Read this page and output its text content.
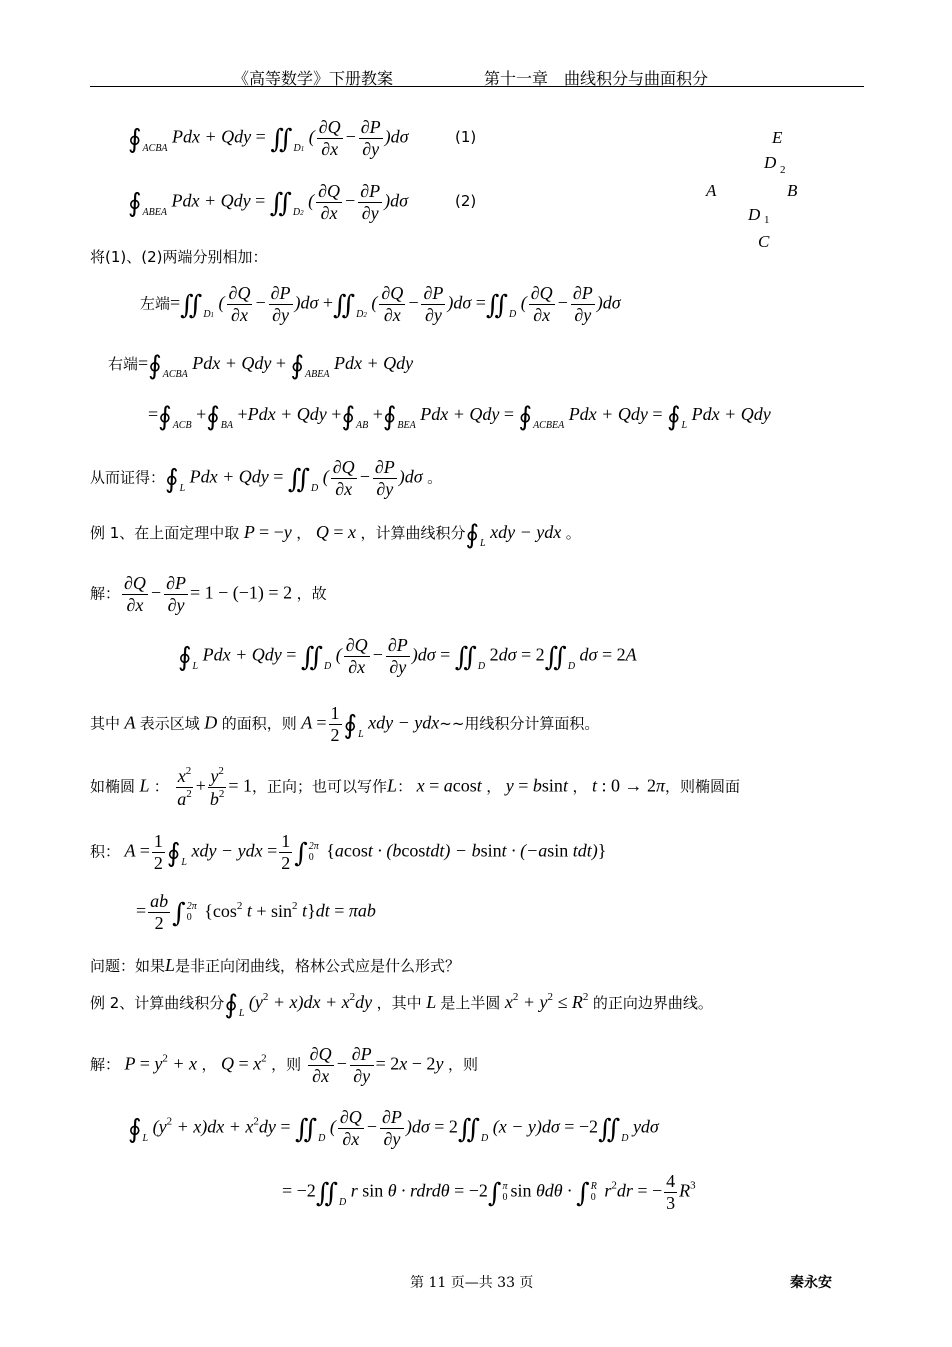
《高等数学》下册教案	第十一章　曲线积分与曲面积分
E
D 2
A	B
D 1
C
$∮_{ACBA}$ Pdx + Qdy = $∬_{D1}$ ( $\frac{\partial Q}{\partial x} - \frac{\partial P}{\partial y} )d\sigma$	(1)
$∮_{ABEA}$ Pdx + Qdy = $∬_{D2}$ ( $\frac{\partial Q}{\partial x} - \frac{\partial P}{\partial y} )d\sigma$	(2)
将(1)、(2)两端分别相加：
左端$=∬_{D1}$ ( $\frac{\partial Q}{\partial x} - \frac{\partial P}{\partial y} )d\sigma$ $+∬_{D2}$ ( $\frac{\partial Q}{\partial x} - \frac{\partial P}{\partial y} )d\sigma$ $=∬_D$ ( $\frac{\partial Q}{\partial x} - \frac{\partial P}{\partial y} )d\sigma$
右端$=∮_{ACBA}$ Pdx + Qdy + $∮_{ABEA}$ Pdx + Qdy
$=∮_{ACB}$ $+∮_{BA} +Pdx$ + Qdy $+∮_{AB}$ $+∮_{BEA}$ Pdx + Qdy = $∮_{ACBEA}$ Pdx + Qdy = $∮_L$ Pdx + Qdy
从而证得：$∮_L$ Pdx + Qdy = $∬_D$ ( $\frac{\partial Q}{\partial x} - \frac{\partial P}{\partial y} )d\sigma$ 。
例 1、在上面定理中取 P = −y ， Q = x ，计算曲线积分$∮_L$ xdy − ydx 。
解： $\frac{\partial Q}{\partial x} - \frac{\partial P}{\partial y} = 1 - (-1) = 2$ ，故
$∮_L$ Pdx + Qdy = $∬_D$ ( $\frac{\partial Q}{\partial x} - \frac{\partial P}{\partial y} )d\sigma$ = $∬_D$ $2d\sigma = 2∬_D$ dσ = 2A
其中 A 表示区域 D 的面积，则 $A = \frac{1}{2}$ $∮_L$ xdy − ydx~~用线积分计算面积。
如椭圆 L ： $\frac{x^2}{a^2} + \frac{y^2}{b^2} = 1$，正向；也可以写作L： x = acost ， y = bsint ， t : 0 → 2π，则椭圆面
积： $A = \frac{1}{2}$ $∮_L$ xdy − ydx = $\frac{1}{2}$ ∫ 2π
0 {acost · (bcostdt) − bsint · (−asin tdt)}
= $\frac{ab}{2}$ ∫ 2π
0 {$\cos^2$ $t + \sin^2 t\}dt = \pi ab$
问题：如果L是非正向闭曲线，格林公式应是什么形式？
例 2、计算曲线积分$∮_L$ $(y^2 + x)dx + x^2dy$ ，其中 L 是上半圆 $x^2 + y^2 \le R^2$ 的正向边界曲线。
解： $P = y^2 + x$ ， $Q = x^2$ ，则 $\frac{\partial Q}{\partial x} - \frac{\partial P}{\partial y} = 2x - 2y$ ，则
$∮_L$ $(y^2 + x)dx + x^2dy$ = $∬_D$ ( $\frac{\partial Q}{\partial x} - \frac{\partial P}{\partial y} )d\sigma$ = $2∬_D$ $(x - y)d\sigma = -2∬_D$ ydσ
= $-2∬_D$ r sin θ · rdrdθ = −2∫ π
0 sin θdθ · ∫ R
0 $r^2dr$ = − $\frac{4}{3} R^3$
第 11 页—共 33 页	秦永安
